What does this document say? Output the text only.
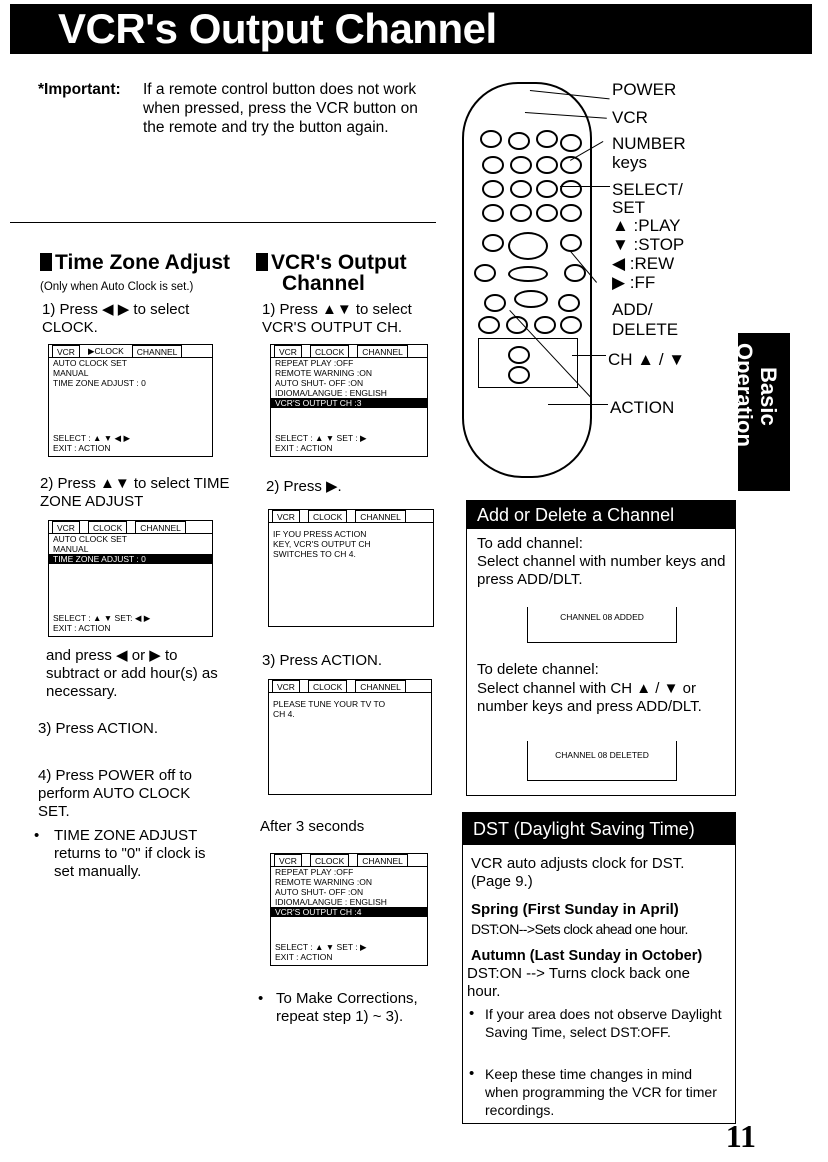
VCR's Output Channel
*Important: If a remote control button does not work when pressed, press the VCR button on the remote and try the button again.
Time Zone Adjust
(Only when Auto Clock is set.)
1) Press ◀ ▶ to select CLOCK.
VCR	▶CLOCK	CHANNEL
AUTO CLOCK SET
MANUAL
TIME ZONE ADJUST : 0
SELECT : ▲ ▼ ◀ ▶
EXIT : ACTION
2) Press ▲▼ to select TIME ZONE ADJUST
VCR	CLOCK	CHANNEL
AUTO CLOCK SET
MANUAL
TIME ZONE ADJUST : 0
SELECT : ▲ ▼ SET: ◀ ▶
EXIT : ACTION
and press ◀ or ▶ to subtract or add hour(s) as necessary.
3) Press ACTION.
4) Press POWER off to perform AUTO CLOCK SET.
• TIME ZONE ADJUST returns to "0" if clock is set manually.
VCR's Output
Channel
1) Press ▲▼ to select VCR'S OUTPUT CH.
VCR	CLOCK	CHANNEL
REPEAT PLAY :OFF
REMOTE WARNING :ON
AUTO SHUT- OFF :ON
IDIOMA/LANGUE : ENGLISH
VCR'S OUTPUT CH :3
SELECT : ▲ ▼ SET : ▶
EXIT : ACTION
2) Press ▶.
VCR	CLOCK	CHANNEL
IF YOU PRESS ACTION
KEY, VCR'S OUTPUT CH
SWITCHES TO CH 4.
3) Press ACTION.
VCR	CLOCK	CHANNEL
PLEASE TUNE YOUR TV TO
CH 4.
After 3 seconds
VCR	CLOCK	CHANNEL
REPEAT PLAY :OFF
REMOTE WARNING :ON
AUTO SHUT- OFF :ON
IDIOMA/LANGUE : ENGLISH
VCR'S OUTPUT CH :4
SELECT : ▲ ▼ SET : ▶
EXIT : ACTION
• To Make Corrections, repeat step 1) ~ 3).
POWER
VCR
NUMBER
keys
SELECT/
SET
▲ :PLAY
▼ :STOP
◀ :REW
▶ :FF
ADD/
DELETE
CH ▲ / ▼
ACTION	Basic
Operation
Add or Delete a Channel
To add channel:
Select channel with number keys and press ADD/DLT.
CHANNEL 08 ADDED
To delete channel:
Select channel with CH ▲ / ▼ or number keys and press ADD/DLT.
CHANNEL 08 DELETED
DST (Daylight Saving Time)
VCR auto adjusts clock for DST. (Page 9.)
Spring (First Sunday in April)
DST:ON-->Sets clock ahead one hour.
Autumn (Last Sunday in October)
DST:ON --> Turns clock back one hour.
• If your area does not observe Daylight Saving Time, select DST:OFF.
• Keep these time changes in mind when programming the VCR for timer recordings.
11
